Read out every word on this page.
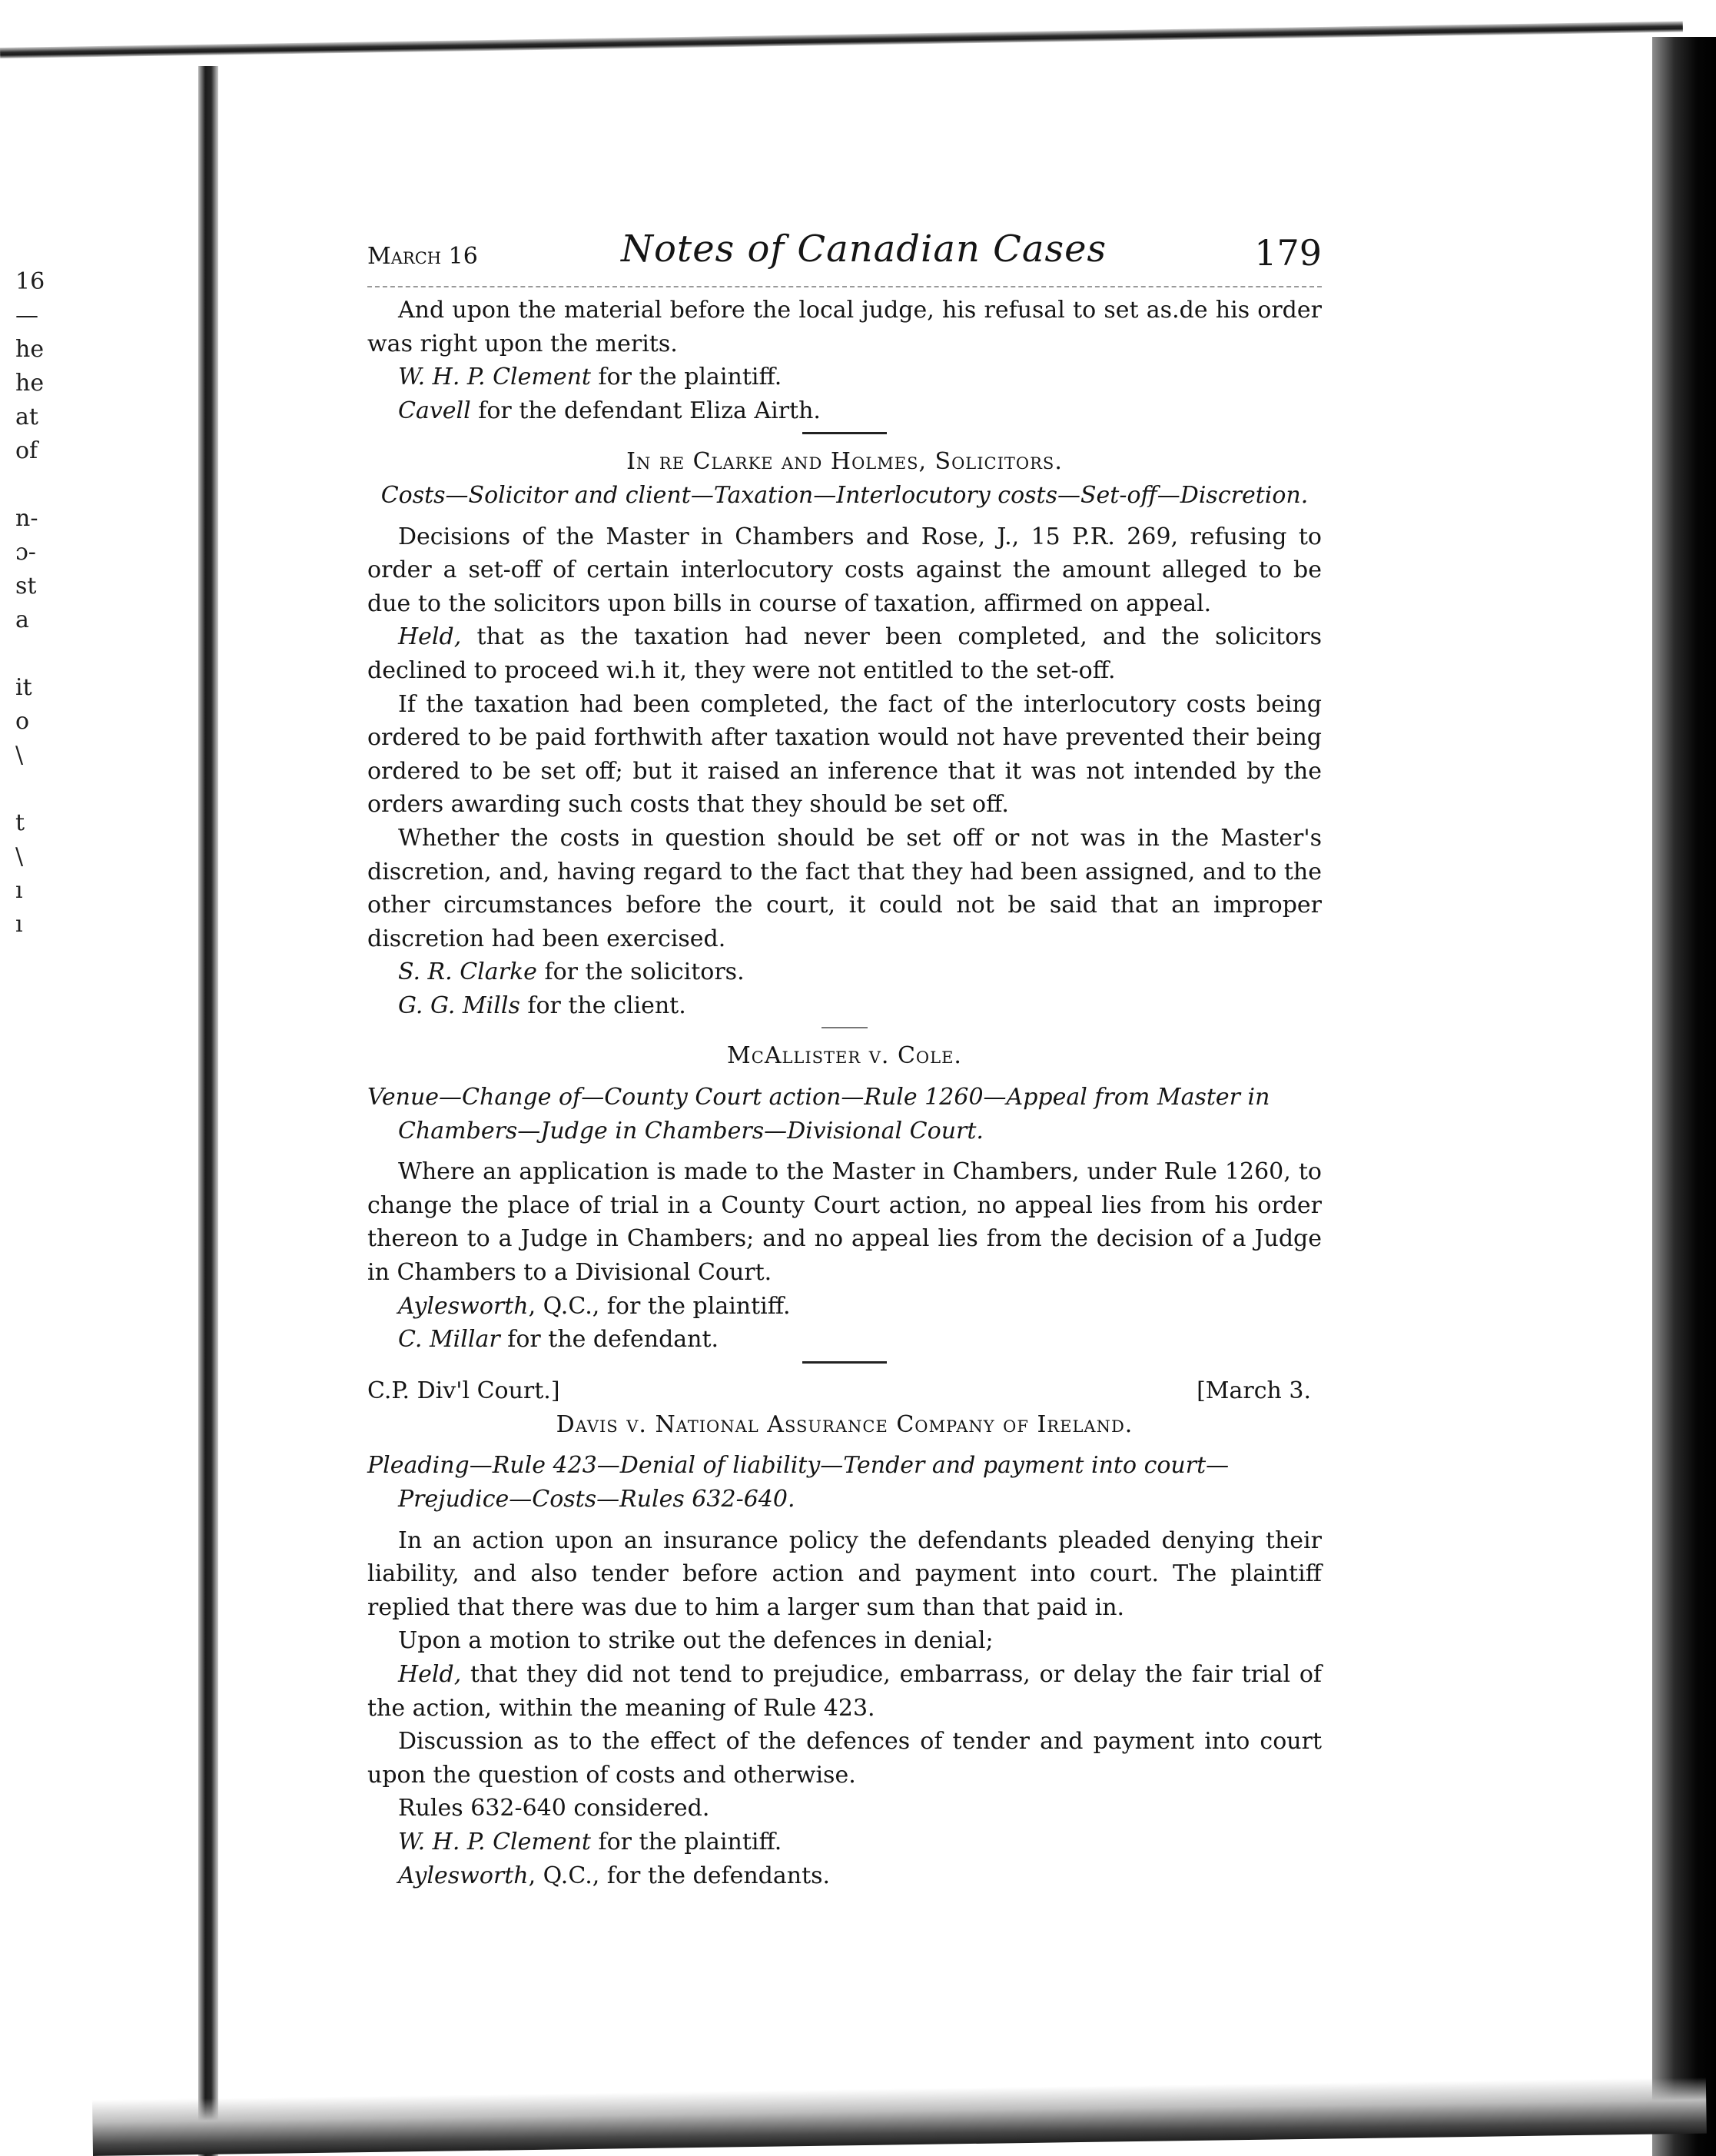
16
—
he
he
at
of
n-
ɔ-
st
a
it
o
\
t
\
ı
ı
March 16	Notes of Canadian Cases	179

And upon the material before the local judge, his refusal to set as.de his order was right upon the merits.

W. H. P. Clement for the plaintiff.

Cavell for the defendant Eliza Airth.

In re Clarke and Holmes, Solicitors.

Costs—Solicitor and client—Taxation—Interlocutory costs—Set-off—Discretion.

Decisions of the Master in Chambers and Rose, J., 15 P.R. 269, refusing to order a set-off of certain interlocutory costs against the amount alleged to be due to the solicitors upon bills in course of taxation, affirmed on appeal.

Held, that as the taxation had never been completed, and the solicitors declined to proceed wi.h it, they were not entitled to the set-off.

If the taxation had been completed, the fact of the interlocutory costs being ordered to be paid forthwith after taxation would not have prevented their being ordered to be set off; but it raised an inference that it was not intended by the orders awarding such costs that they should be set off.

Whether the costs in question should be set off or not was in the Master's discretion, and, having regard to the fact that they had been assigned, and to the other circumstances before the court, it could not be said that an improper discretion had been exercised.

S. R. Clarke for the solicitors.

G. G. Mills for the client.

McAllister v. Cole.

Venue—Change of—County Court action—Rule 1260—Appeal from Master in Chambers—Judge in Chambers—Divisional Court.

Where an application is made to the Master in Chambers, under Rule 1260, to change the place of trial in a County Court action, no appeal lies from his order thereon to a Judge in Chambers; and no appeal lies from the decision of a Judge in Chambers to a Divisional Court.

Aylesworth, Q.C., for the plaintiff.

C. Millar for the defendant.

C.P. Div'l Court.]	[March 3.

Davis v. National Assurance Company of Ireland.

Pleading—Rule 423—Denial of liability—Tender and payment into court—Prejudice—Costs—Rules 632-640.

In an action upon an insurance policy the defendants pleaded denying their liability, and also tender before action and payment into court. The plaintiff replied that there was due to him a larger sum than that paid in.

Upon a motion to strike out the defences in denial;

Held, that they did not tend to prejudice, embarrass, or delay the fair trial of the action, within the meaning of Rule 423.

Discussion as to the effect of the defences of tender and payment into court upon the question of costs and otherwise.

Rules 632-640 considered.

W. H. P. Clement for the plaintiff.

Aylesworth, Q.C., for the defendants.
